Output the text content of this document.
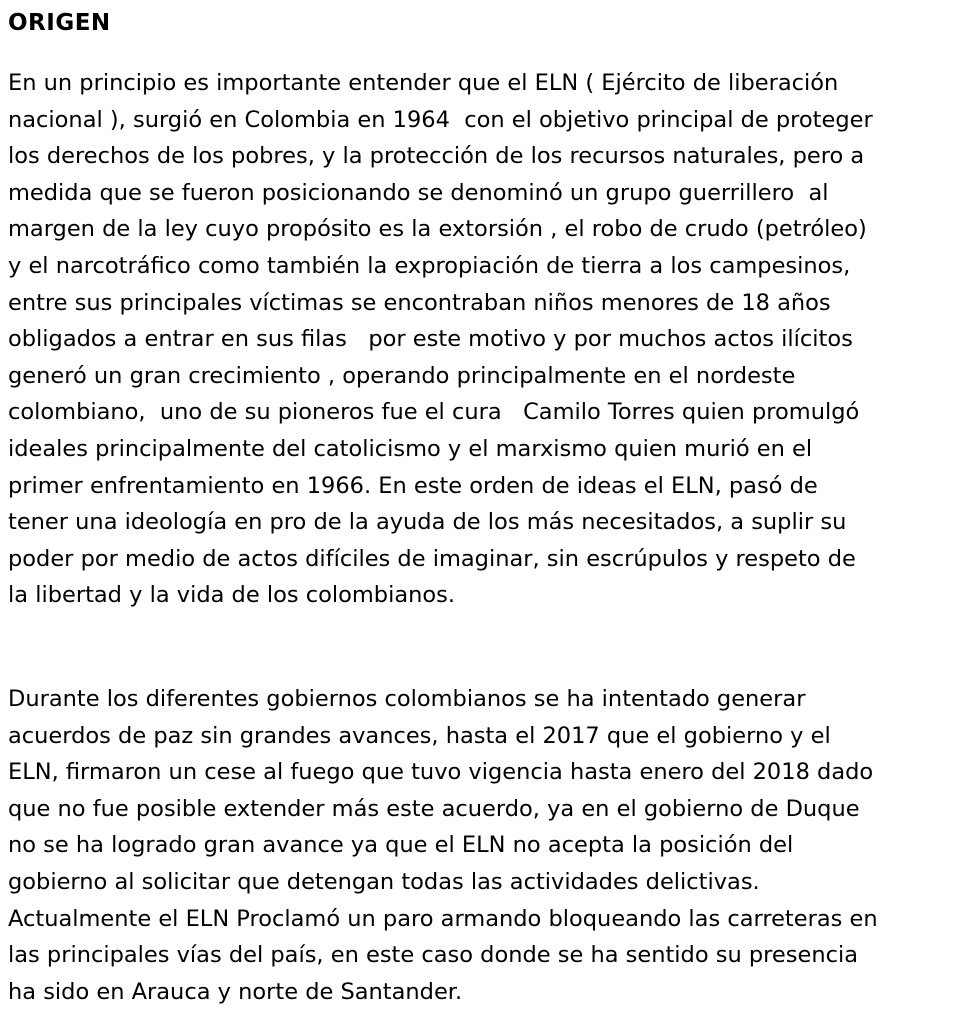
ORIGEN
En un principio es importante entender que el ELN ( Ejército de liberación
nacional ), surgió en Colombia en 1964  con el objetivo principal de proteger
los derechos de los pobres, y la protección de los recursos naturales, pero a
medida que se fueron posicionando se denominó un grupo guerrillero  al
margen de la ley cuyo propósito es la extorsión , el robo de crudo (petróleo)
y el narcotráfico como también la expropiación de tierra a los campesinos,
entre sus principales víctimas se encontraban niños menores de 18 años
obligados a entrar en sus filas   por este motivo y por muchos actos ilícitos
generó un gran crecimiento , operando principalmente en el nordeste
colombiano,  uno de su pioneros fue el cura   Camilo Torres quien promulgó
ideales principalmente del catolicismo y el marxismo quien murió en el
primer enfrentamiento en 1966. En este orden de ideas el ELN, pasó de
tener una ideología en pro de la ayuda de los más necesitados, a suplir su
poder por medio de actos difíciles de imaginar, sin escrúpulos y respeto de
la libertad y la vida de los colombianos.
Durante los diferentes gobiernos colombianos se ha intentado generar
acuerdos de paz sin grandes avances, hasta el 2017 que el gobierno y el
ELN, firmaron un cese al fuego que tuvo vigencia hasta enero del 2018 dado
que no fue posible extender más este acuerdo, ya en el gobierno de Duque
no se ha logrado gran avance ya que el ELN no acepta la posición del
gobierno al solicitar que detengan todas las actividades delictivas.
Actualmente el ELN Proclamó un paro armando bloqueando las carreteras en
las principales vías del país, en este caso donde se ha sentido su presencia
ha sido en Arauca y norte de Santander.
